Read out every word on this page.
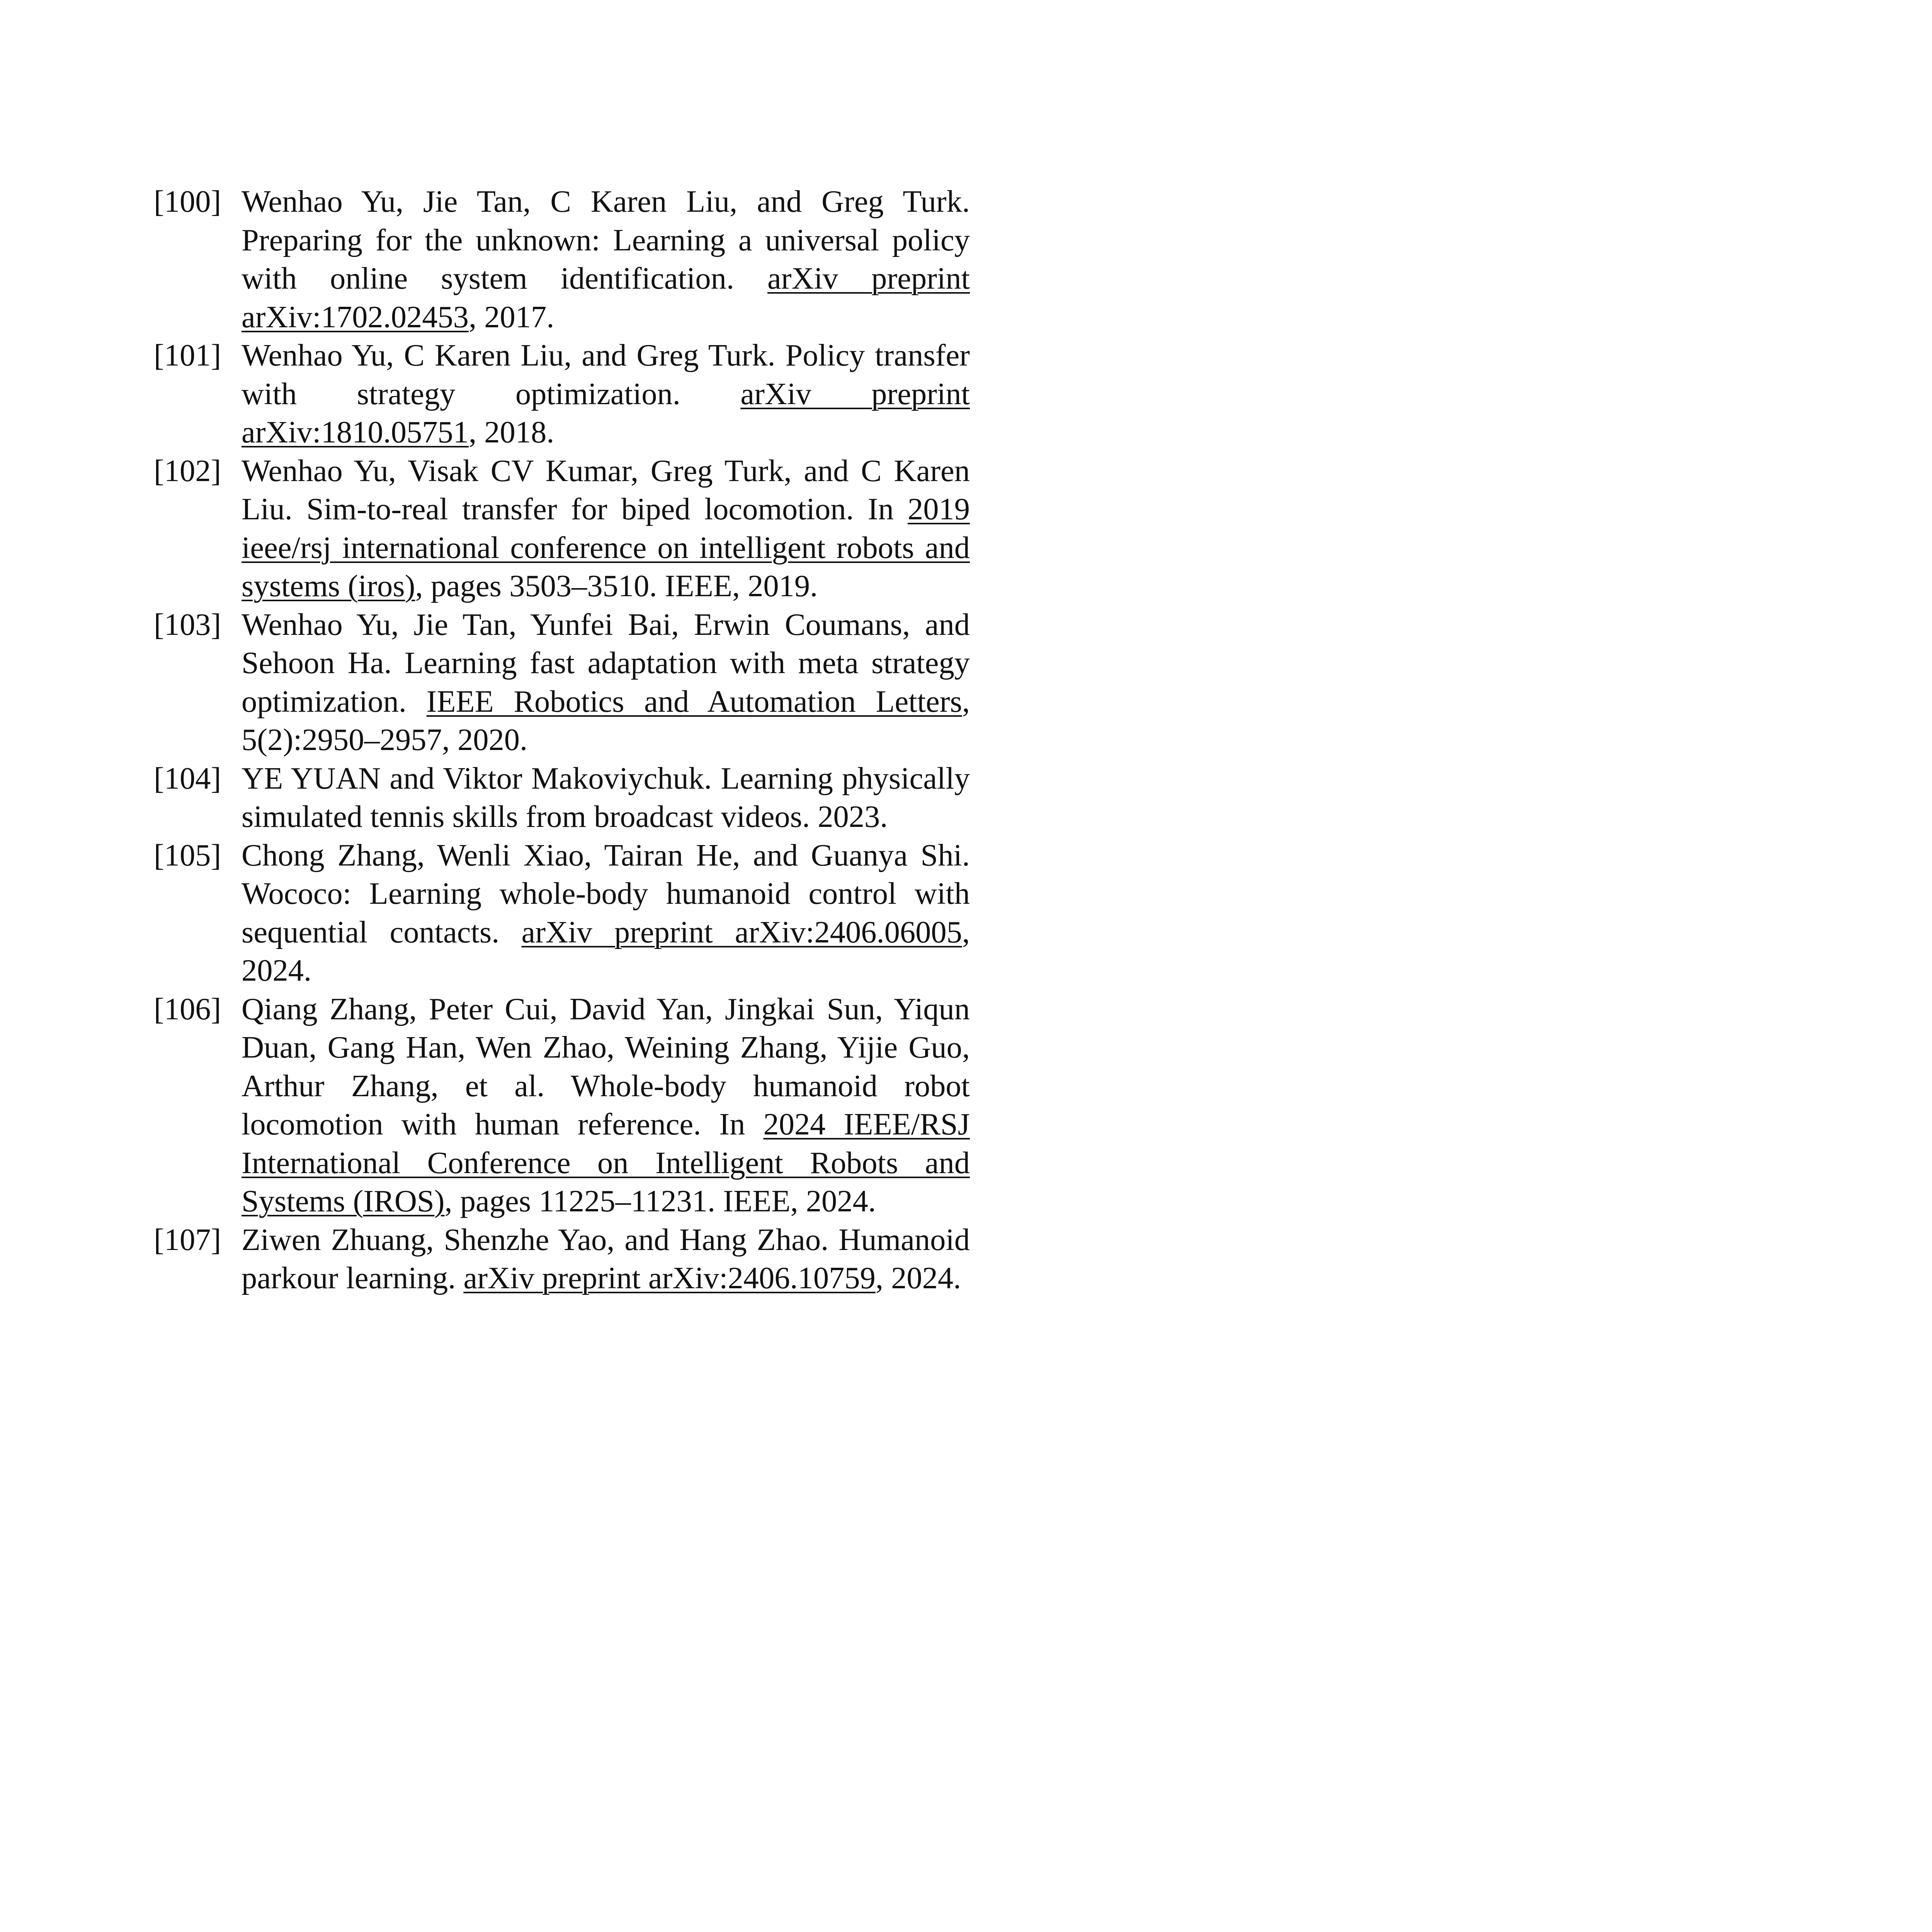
[100] Wenhao Yu, Jie Tan, C Karen Liu, and Greg Turk. Preparing for the unknown: Learning a universal policy with online system identification. arXiv preprint arXiv:1702.02453, 2017.
[101] Wenhao Yu, C Karen Liu, and Greg Turk. Policy transfer with strategy optimization. arXiv preprint arXiv:1810.05751, 2018.
[102] Wenhao Yu, Visak CV Kumar, Greg Turk, and C Karen Liu. Sim-to-real transfer for biped locomotion. In 2019 ieee/rsj international conference on intelligent robots and systems (iros), pages 3503–3510. IEEE, 2019.
[103] Wenhao Yu, Jie Tan, Yunfei Bai, Erwin Coumans, and Sehoon Ha. Learning fast adaptation with meta strategy optimization. IEEE Robotics and Automation Letters, 5(2):2950–2957, 2020.
[104] YE YUAN and Viktor Makoviychuk. Learning physically simulated tennis skills from broadcast videos. 2023.
[105] Chong Zhang, Wenli Xiao, Tairan He, and Guanya Shi. Wococo: Learning whole-body humanoid control with sequential contacts. arXiv preprint arXiv:2406.06005, 2024.
[106] Qiang Zhang, Peter Cui, David Yan, Jingkai Sun, Yiqun Duan, Gang Han, Wen Zhao, Weining Zhang, Yijie Guo, Arthur Zhang, et al. Whole-body humanoid robot locomotion with human reference. In 2024 IEEE/RSJ International Conference on Intelligent Robots and Systems (IROS), pages 11225–11231. IEEE, 2024.
[107] Ziwen Zhuang, Shenzhe Yao, and Hang Zhao. Humanoid parkour learning. arXiv preprint arXiv:2406.10759, 2024.
